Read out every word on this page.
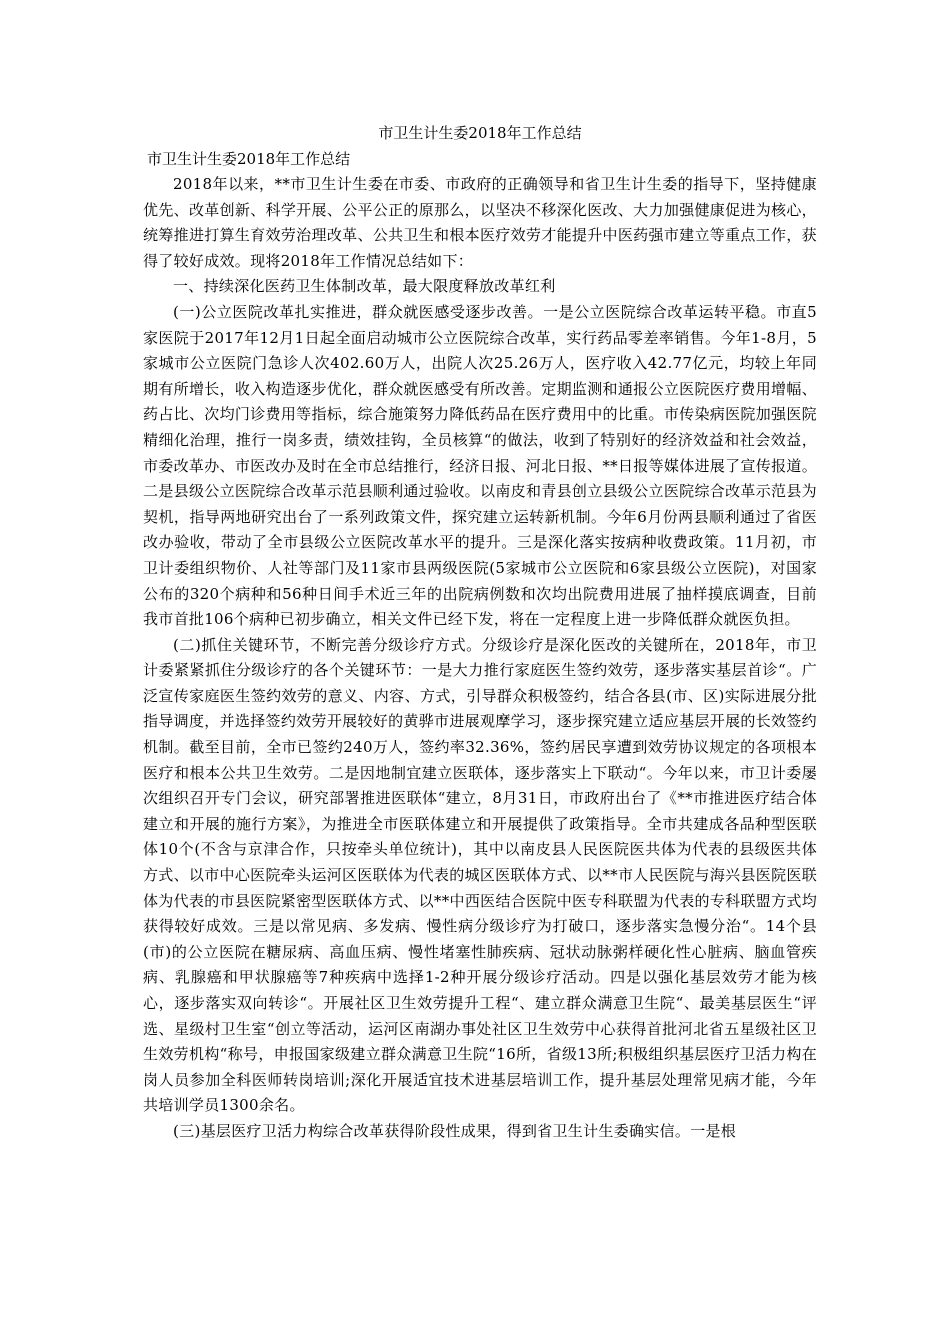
市卫生计生委2018年工作总结
市卫生计生委2018年工作总结

2018年以来，**市卫生计生委在市委、市政府的正确领导和省卫生计生委的指导下，坚持健康优先、改革创新、科学开展、公平公正的原那么，以坚决不移深化医改、大力加强健康促进为核心，统筹推进打算生育效劳治理改革、公共卫生和根本医疗效劳才能提升中医药强市建立等重点工作，获得了较好成效。现将2018年工作情况总结如下：

一、持续深化医药卫生体制改革，最大限度释放改革红利

(一)公立医院改革扎实推进，群众就医感受逐步改善。一是公立医院综合改革运转平稳。市直5家医院于2017年12月1日起全面启动城市公立医院综合改革，实行药品零差率销售。今年1-8月，5家城市公立医院门急诊人次402.60万人，出院人次25.26万人，医疗收入42.77亿元，均较上年同期有所增长，收入构造逐步优化，群众就医感受有所改善。定期监测和通报公立医院医疗费用增幅、药占比、次均门诊费用等指标，综合施策努力降低药品在医疗费用中的比重。市传染病医院加强医院精细化治理，推行一岗多责，绩效挂钩，全员核算“的做法，收到了特别好的经济效益和社会效益，市委改革办、市医改办及时在全市总结推行，经济日报、河北日报、**日报等媒体进展了宣传报道。二是县级公立医院综合改革示范县顺利通过验收。以南皮和青县创立县级公立医院综合改革示范县为契机，指导两地研究出台了一系列政策文件，探究建立运转新机制。今年6月份两县顺利通过了省医改办验收，带动了全市县级公立医院改革水平的提升。三是深化落实按病种收费政策。11月初，市卫计委组织物价、人社等部门及11家市县两级医院(5家城市公立医院和6家县级公立医院)，对国家公布的320个病种和56种日间手术近三年的出院病例数和次均出院费用进展了抽样摸底调查，目前我市首批106个病种已初步确立，相关文件已经下发，将在一定程度上进一步降低群众就医负担。

(二)抓住关键环节，不断完善分级诊疗方式。分级诊疗是深化医改的关键所在，2018年，市卫计委紧紧抓住分级诊疗的各个关键环节：一是大力推行家庭医生签约效劳，逐步落实基层首诊“。广泛宣传家庭医生签约效劳的意义、内容、方式，引导群众积极签约，结合各县(市、区)实际进展分批指导调度，并选择签约效劳开展较好的黄骅市进展观摩学习，逐步探究建立适应基层开展的长效签约机制。截至目前，全市已签约240万人，签约率32.36%，签约居民享遭到效劳协议规定的各项根本医疗和根本公共卫生效劳。二是因地制宜建立医联体，逐步落实上下联动“。今年以来，市卫计委屡次组织召开专门会议，研究部署推进医联体“建立，8月31日，市政府出台了《**市推进医疗结合体建立和开展的施行方案》，为推进全市医联体建立和开展提供了政策指导。全市共建成各品种型医联体10个(不含与京津合作，只按牵头单位统计)，其中以南皮县人民医院医共体为代表的县级医共体方式、以市中心医院牵头运河区医联体为代表的城区医联体方式、以**市人民医院与海兴县医院医联体为代表的市县医院紧密型医联体方式、以**中西医结合医院中医专科联盟为代表的专科联盟方式均获得较好成效。三是以常见病、多发病、慢性病分级诊疗为打破口，逐步落实急慢分治“。14个县(市)的公立医院在糖尿病、高血压病、慢性堵塞性肺疾病、冠状动脉粥样硬化性心脏病、脑血管疾病、乳腺癌和甲状腺癌等7种疾病中选择1-2种开展分级诊疗活动。四是以强化基层效劳才能为核心，逐步落实双向转诊“。开展社区卫生效劳提升工程“、建立群众满意卫生院“、最美基层医生“评选、星级村卫生室“创立等活动，运河区南湖办事处社区卫生效劳中心获得首批河北省五星级社区卫生效劳机构“称号，申报国家级建立群众满意卫生院“16所，省级13所;积极组织基层医疗卫活力构在岗人员参加全科医师转岗培训;深化开展适宜技术进基层培训工作，提升基层处理常见病才能，今年共培训学员1300余名。

(三)基层医疗卫活力构综合改革获得阶段性成果，得到省卫生计生委确实信。一是根
